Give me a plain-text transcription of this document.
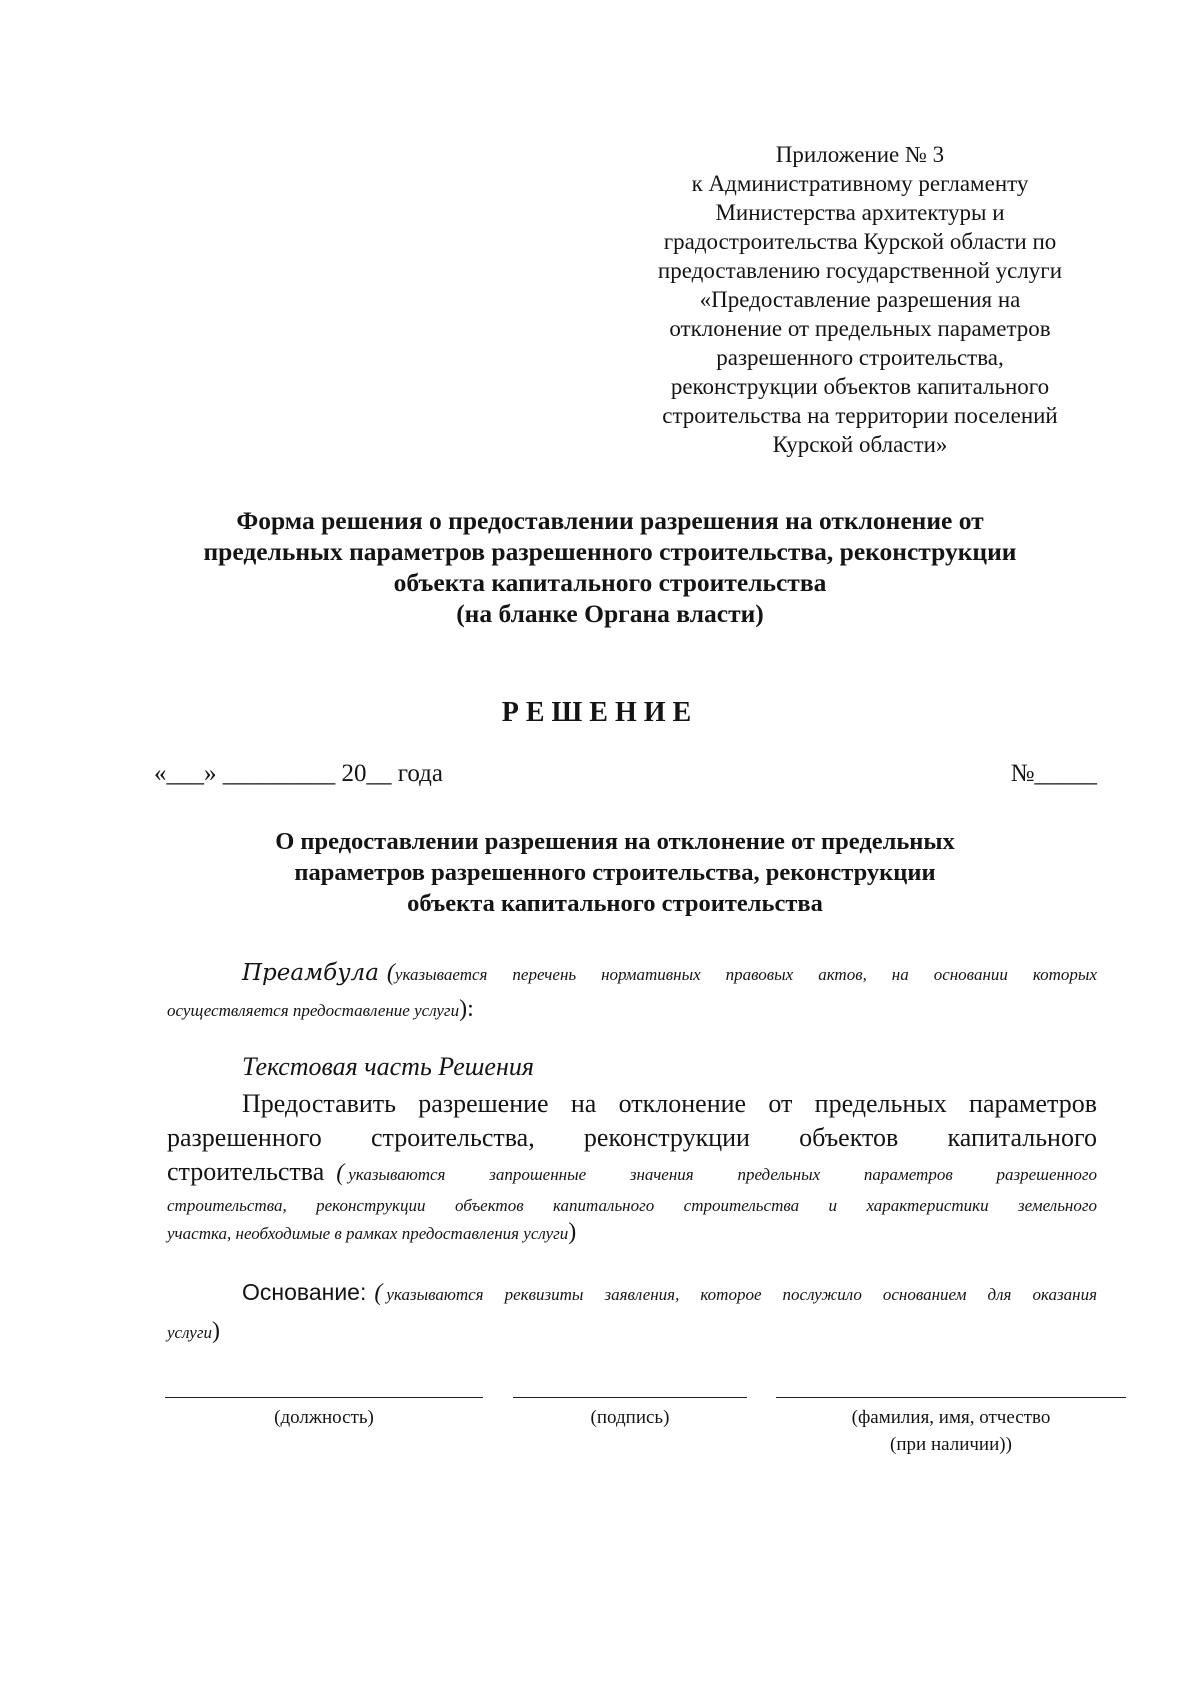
Приложение № 3
к Административному регламенту
Министерства архитектуры и
градостроительства Курской области по
предоставлению государственной услуги
«Предоставление разрешения на
отклонение от предельных параметров
разрешенного строительства,
реконструкции объектов капитального
строительства на территории поселений
Курской области»
Форма решения о предоставлении разрешения на отклонение от
предельных параметров разрешенного строительства, реконструкции
объекта капитального строительства
(на бланке Органа власти)
РЕШЕНИЕ
«___» _________ 20__ года	№_____
О предоставлении разрешения на отклонение от предельных
параметров разрешенного строительства, реконструкции
объекта капитального строительства
Преамбула ( указывается перечень нормативных правовых актов, на основании которых
осуществляется предоставление услуги):
Текстовая часть Решения
Предоставить разрешение на отклонение от предельных параметров
разрешенного строительства, реконструкции объектов капитального
строительства ( указываются	запрошенные	значения	предельных	параметров	разрешенного
строительства, реконструкции объектов капитального строительства и характеристики земельного
участка, необходимые в рамках предоставления услуги)
Основание: ( указываются реквизиты заявления, которое послужило основанием для оказания
услуги)
(должность)	(подпись)	(фамилия, имя, отчество
(при наличии))
